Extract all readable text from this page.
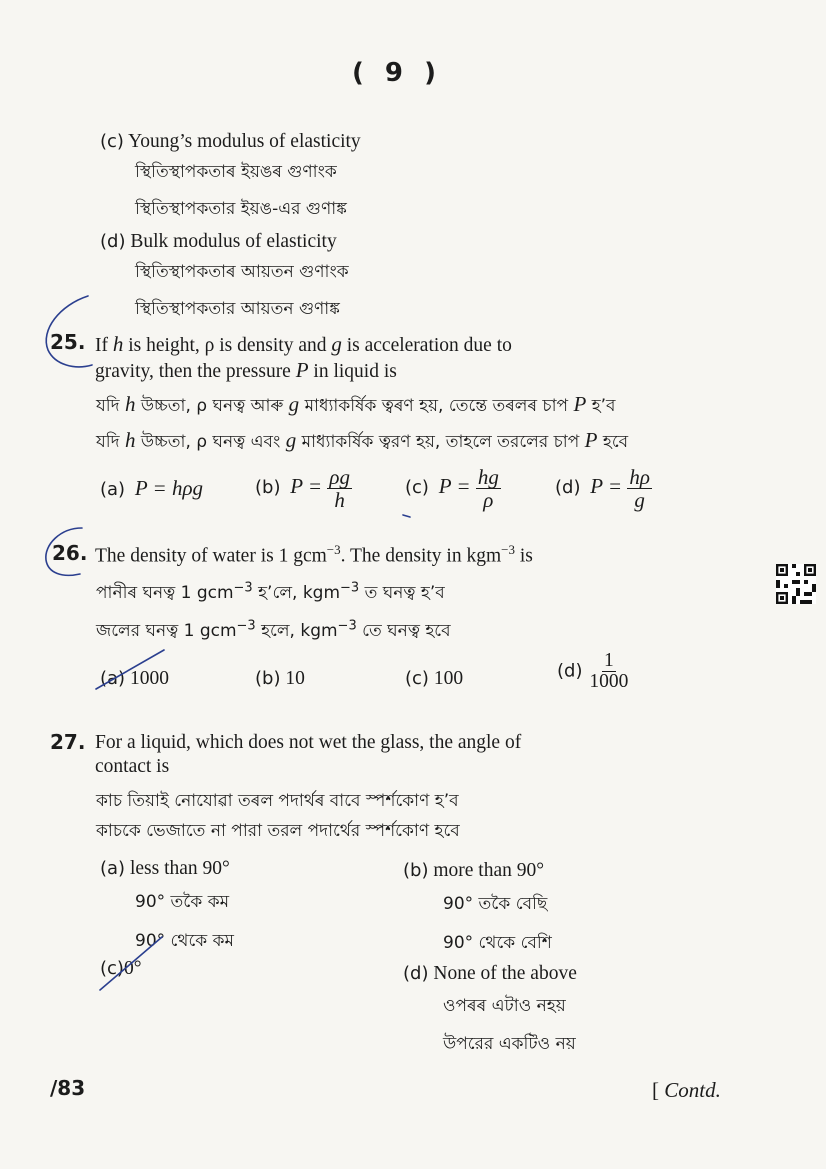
( 9 )
(c) Young’s modulus of elasticity
স্থিতিস্থাপকতাৰ ইয়ঙৰ গুণাংক
স্থিতিস্থাপকতার ইয়ঙ-এর গুণাঙ্ক
(d) Bulk modulus of elasticity
স্থিতিস্থাপকতাৰ আয়তন গুণাংক
স্থিতিস্থাপকতার আয়তন গুণাঙ্ক
25. If h is height, ρ is density and g is acceleration due to
gravity, then the pressure P in liquid is
যদি h উচ্চতা, ρ ঘনত্ব আৰু g মাধ্যাকৰ্ষিক ত্বৰণ হয়, তেন্তে তৰলৰ চাপ P হ’ব
যদি h উচ্চতা, ρ ঘনত্ব এবং g মাধ্যাকর্ষিক ত্বরণ হয়, তাহলে তরলের চাপ P হবে
(a) P = hρg	(b) $P = \frac{\rho g}{h}$	(c) $P = \frac{hg}{\rho}$	(d) $P = \frac{h\rho}{g}$
26. The density of water is 1 gcm$^{-3}$. The density in kgm$^{-3}$ is
পানীৰ ঘনত্ব 1 gcm$^{-3}$ হ’লে, kgm$^{-3}$ ত ঘনত্ব হ’ব
জলের ঘনত্ব 1 gcm$^{-3}$ হলে, kgm$^{-3}$ তে ঘনত্ব হবে
(a) 1000	(b) 10	(c) 100	$(d) \frac{1}{1000}$
27. For a liquid, which does not wet the glass, the angle of
contact is
কাচ তিয়াই নোযোৱা তৰল পদাৰ্থৰ বাবে স্পৰ্শকোণ হ’ব
কাচকে ভেজাতে না পারা তরল পদার্থের স্পর্শকোণ হবে
(a) less than 90°
90° তকৈ কম
90° থেকে কম
(b) more than 90°
90° তকৈ বেছি
90° থেকে বেশি
(c)0°	(d) None of the above
ওপৰৰ এটাও নহয়
উপরের একটিও নয়
/83	[ Contd.
